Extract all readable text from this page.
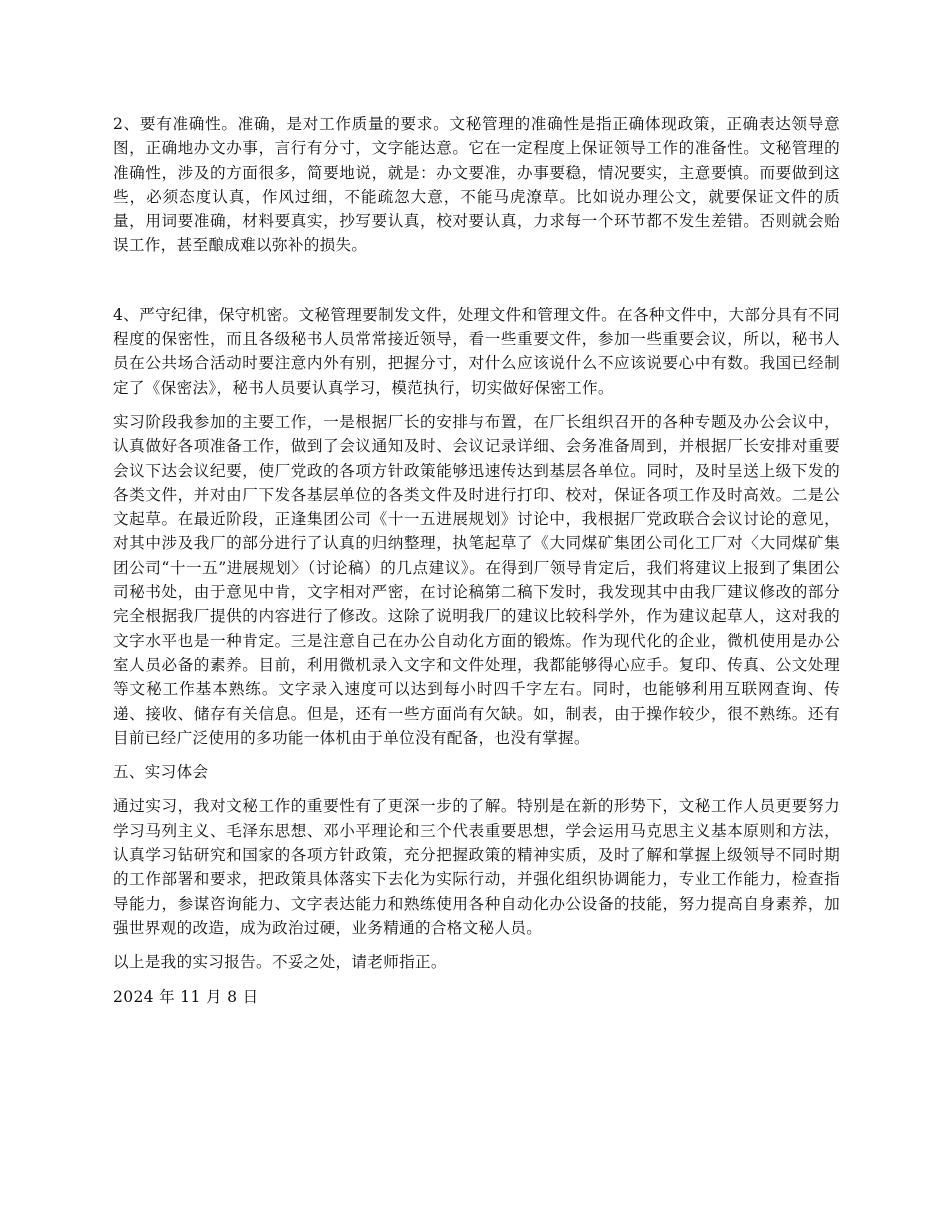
2、要有准确性。准确，是对工作质量的要求。文秘管理的准确性是指正确体现政策，正确表达领导意图，正确地办文办事，言行有分寸，文字能达意。它在一定程度上保证领导工作的准备性。文秘管理的准确性，涉及的方面很多，简要地说，就是：办文要准，办事要稳，情况要实，主意要慎。而要做到这些，必须态度认真，作风过细，不能疏忽大意，不能马虎潦草。比如说办理公文，就要保证文件的质量，用词要准确，材料要真实，抄写要认真，校对要认真，力求每一个环节都不发生差错。否则就会贻误工作，甚至酿成难以弥补的损失。

4、严守纪律，保守机密。文秘管理要制发文件，处理文件和管理文件。在各种文件中，大部分具有不同程度的保密性，而且各级秘书人员常常接近领导，看一些重要文件，参加一些重要会议，所以，秘书人员在公共场合活动时要注意内外有别，把握分寸，对什么应该说什么不应该说要心中有数。我国已经制定了《保密法》，秘书人员要认真学习，模范执行，切实做好保密工作。

实习阶段我参加的主要工作，一是根据厂长的安排与布置，在厂长组织召开的各种专题及办公会议中，认真做好各项准备工作，做到了会议通知及时、会议记录详细、会务准备周到，并根据厂长安排对重要会议下达会议纪要，使厂党政的各项方针政策能够迅速传达到基层各单位。同时，及时呈送上级下发的各类文件，并对由厂下发各基层单位的各类文件及时进行打印、校对，保证各项工作及时高效。二是公文起草。在最近阶段，正逢集团公司《十一五进展规划》讨论中，我根据厂党政联合会议讨论的意见，对其中涉及我厂的部分进行了认真的归纳整理，执笔起草了《大同煤矿集团公司化工厂对〈大同煤矿集团公司“十一五”进展规划〉（讨论稿）的几点建议》。在得到厂领导肯定后，我们将建议上报到了集团公司秘书处，由于意见中肯，文字相对严密，在讨论稿第二稿下发时，我发现其中由我厂建议修改的部分完全根据我厂提供的内容进行了修改。这除了说明我厂的建议比较科学外，作为建议起草人，这对我的文字水平也是一种肯定。三是注意自己在办公自动化方面的锻炼。作为现代化的企业，微机使用是办公室人员必备的素养。目前，利用微机录入文字和文件处理，我都能够得心应手。复印、传真、公文处理等文秘工作基本熟练。文字录入速度可以达到每小时四千字左右。同时，也能够利用互联网查询、传递、接收、储存有关信息。但是，还有一些方面尚有欠缺。如，制表，由于操作较少，很不熟练。还有目前已经广泛使用的多功能一体机由于单位没有配备，也没有掌握。

五、实习体会

通过实习，我对文秘工作的重要性有了更深一步的了解。特别是在新的形势下，文秘工作人员更要努力学习马列主义、毛泽东思想、邓小平理论和三个代表重要思想，学会运用马克思主义基本原则和方法，认真学习钻研究和国家的各项方针政策，充分把握政策的精神实质，及时了解和掌握上级领导不同时期的工作部署和要求，把政策具体落实下去化为实际行动，并强化组织协调能力，专业工作能力，检查指导能力，参谋咨询能力、文字表达能力和熟练使用各种自动化办公设备的技能，努力提高自身素养，加强世界观的改造，成为政治过硬，业务精通的合格文秘人员。

以上是我的实习报告。不妥之处，请老师指正。

2024 年 11 月 8 日
